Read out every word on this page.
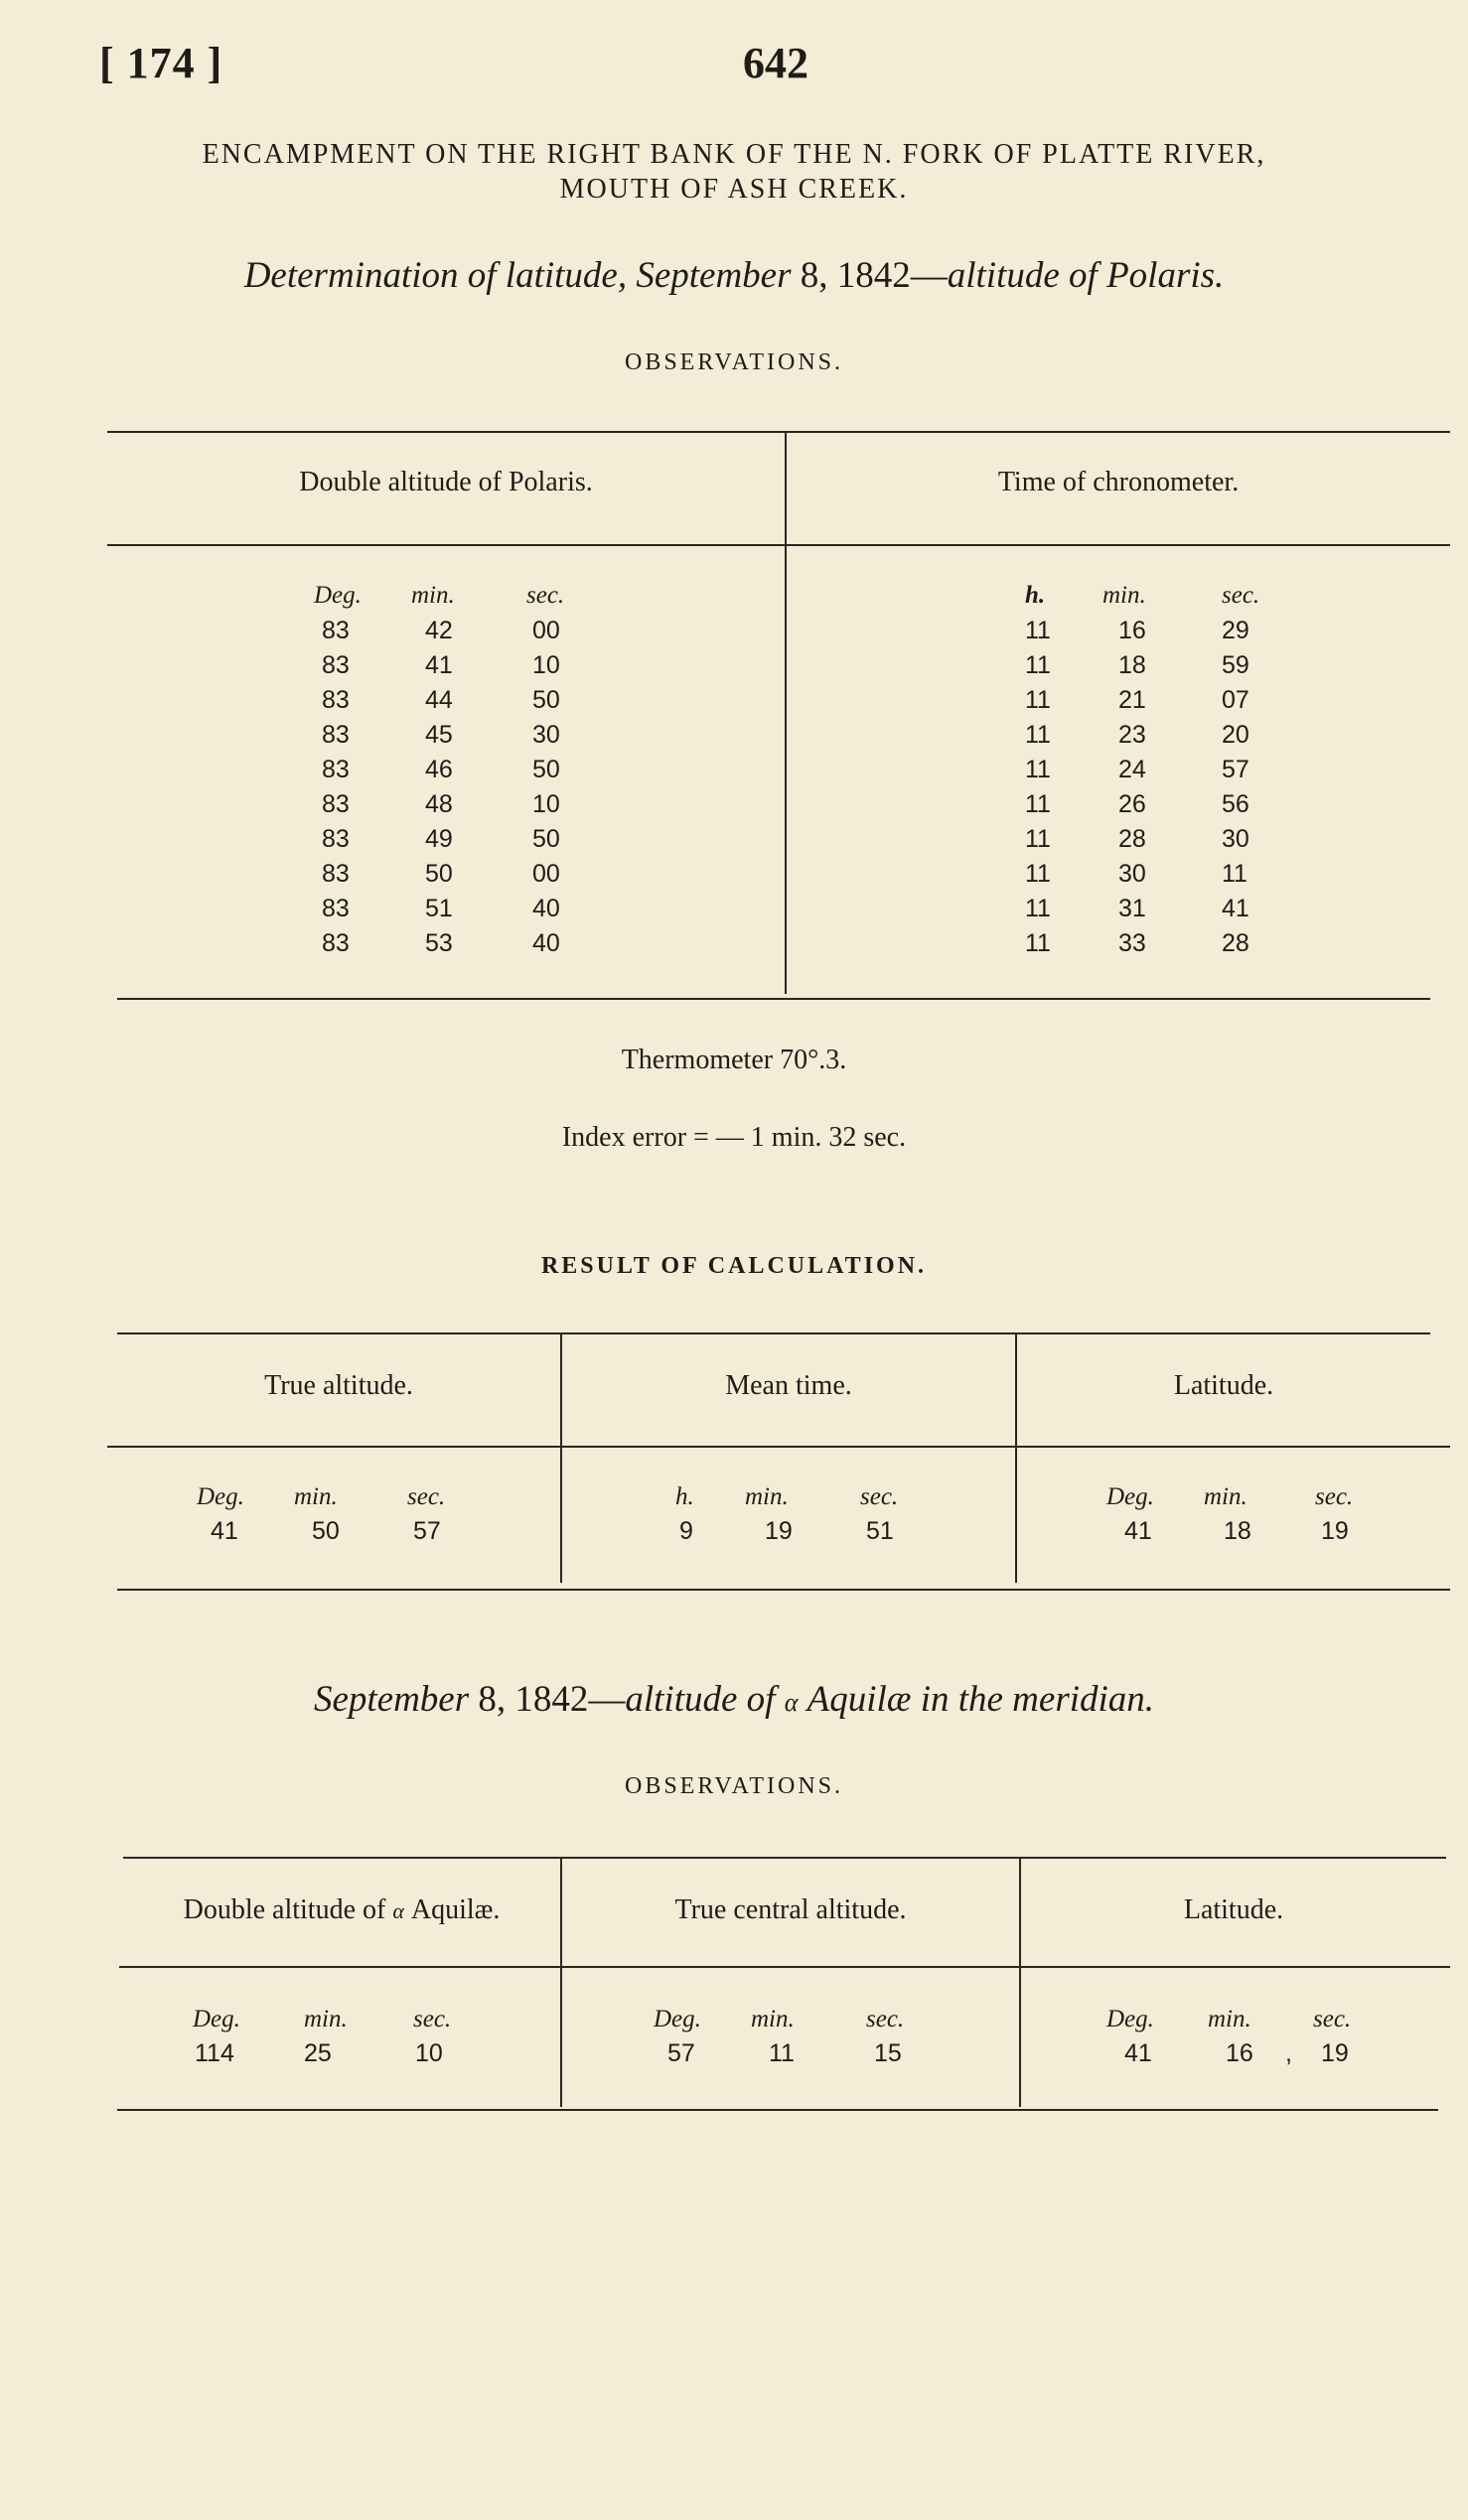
[ 174 ]	642
ENCAMPMENT ON THE RIGHT BANK OF THE N. FORK OF PLATTE RIVER,
MOUTH OF ASH CREEK.
Determination of latitude, September 8, 1842—altitude of Polaris.
OBSERVATIONS.
Double altitude of Polaris.	Time of chronometer.
Deg. min.	sec.	h. min.	sec.
83	42	00	11	16	29
83	41	10	11	18	59
83	44	50	11	21	07
83	45	30	11	23	20
83	46	50	11	24	57
83	48	10	11	26	56
83	49	50	11	28	30
83	50	00	11	30	11
83	51	40	11	31	41
83	53	40	11	33	28
Thermometer 70°.3.
Index error = — 1 min. 32 sec.
RESULT OF CALCULATION.
True altitude.	Mean time.	Latitude.
Deg. min.	sec.	h. min.	sec.	Deg. min.	sec.
41	50	57	9	19	51	41	18	19
September 8, 1842—altitude of α Aquilæ in the meridian.
OBSERVATIONS.
Double altitude of α Aquilæ.	True central altitude.	Latitude.
Deg.	min.	sec.	Deg. min.	sec.	Deg. min. sec.
114	25	10	57	11	15	41	16 , 19
